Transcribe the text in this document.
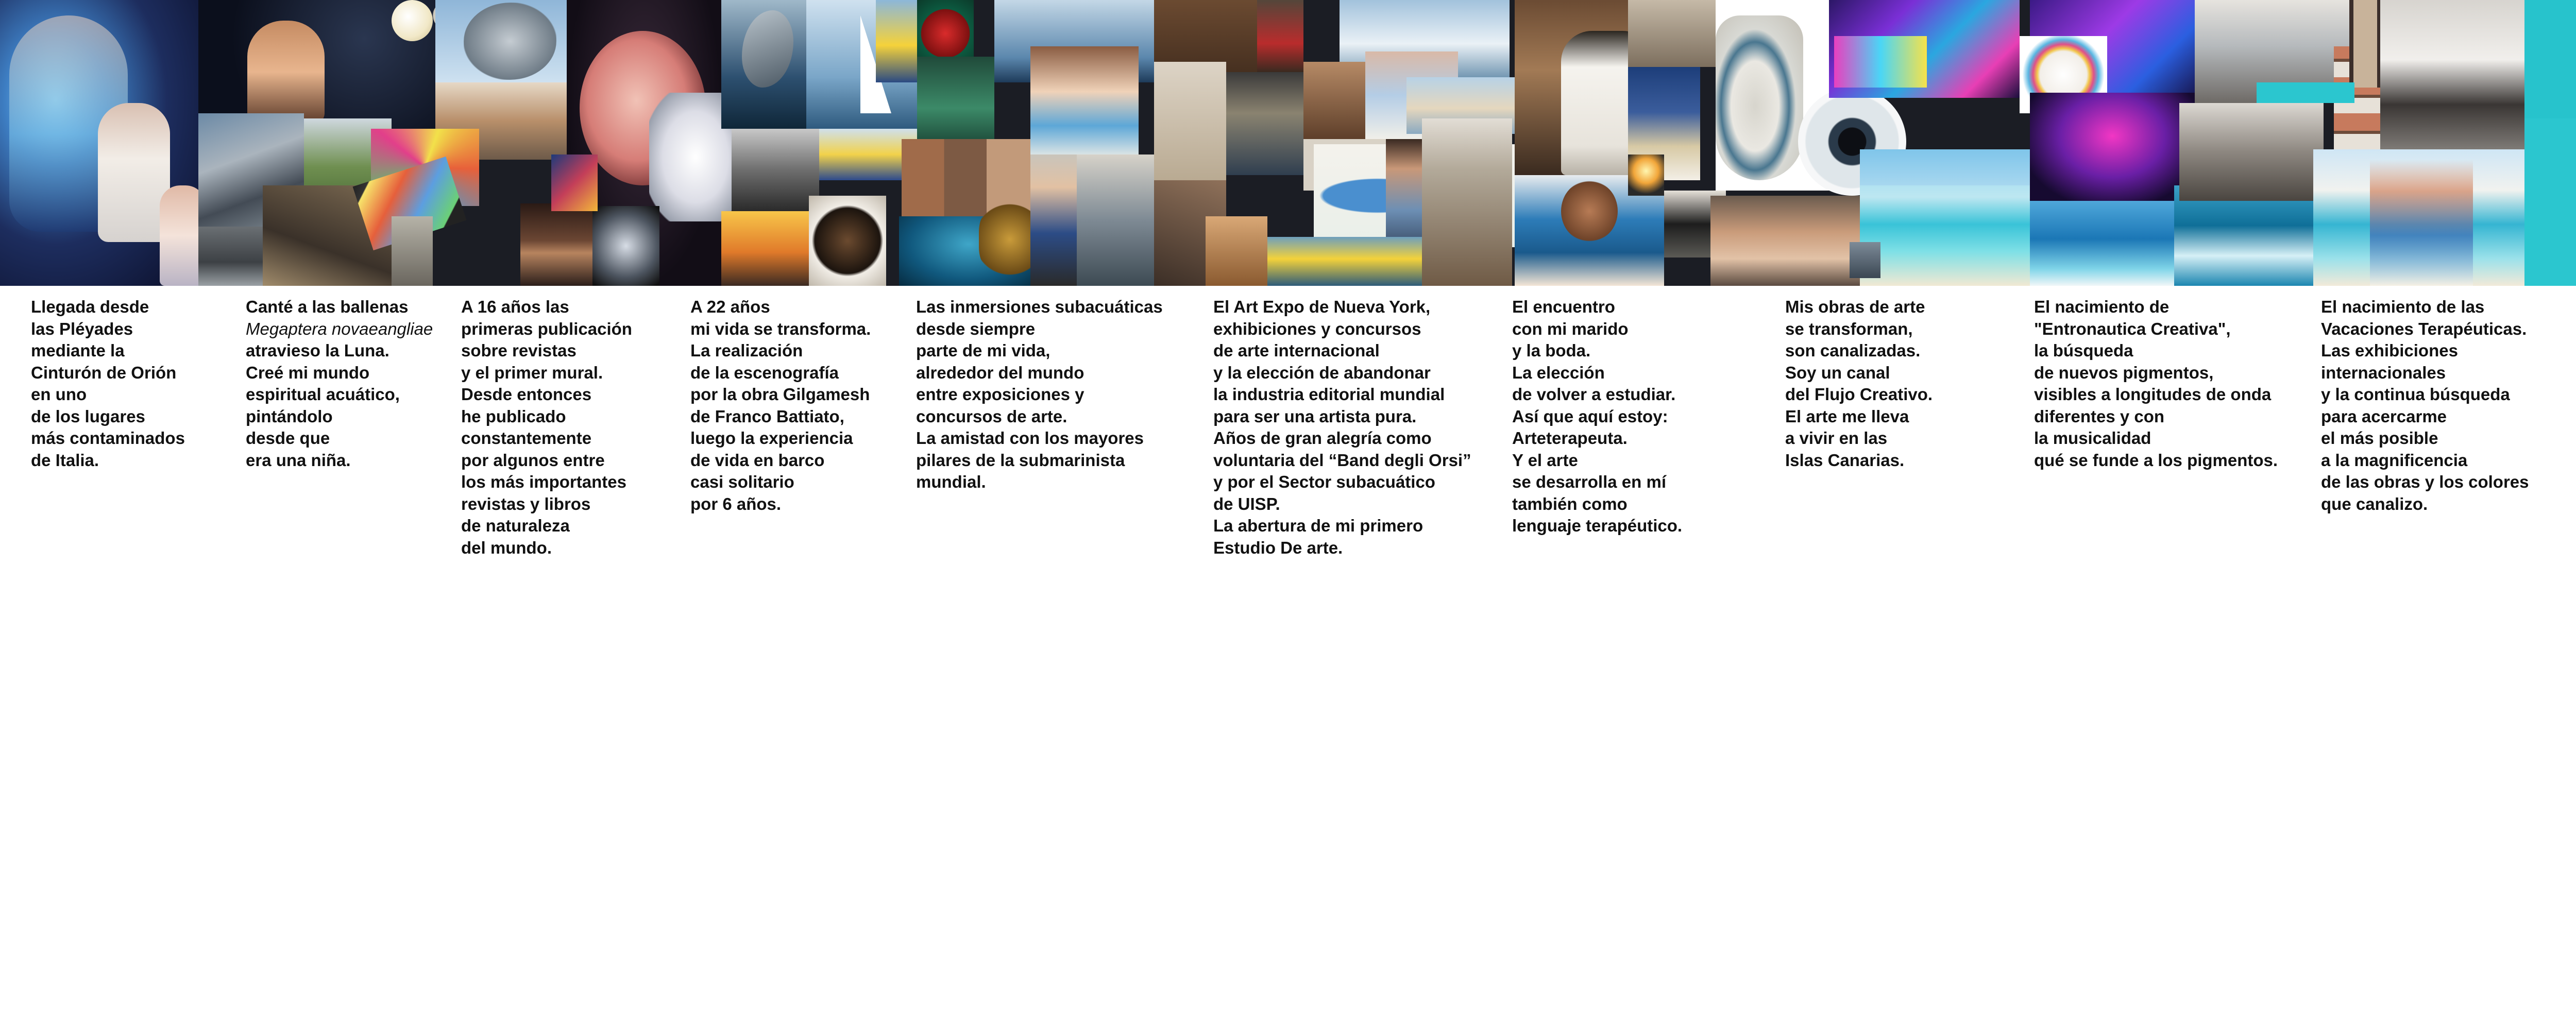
Llegada desde
las Pléyades
mediante la
Cinturón de Orión
en uno
de los lugares
más contaminados
de Italia.
Canté a las ballenas
Megaptera novaeangliae
atravieso la Luna.
Creé mi mundo
espiritual acuático,
pintándolo
desde que
era una niña.
A 16 años las
primeras publicación
sobre revistas
y el primer mural.
Desde entonces
he publicado
constantemente
por algunos entre
los más importantes
revistas y libros
de naturaleza
del mundo.
A 22 años
mi vida se transforma.
La realización
de la escenografía
por la obra Gilgamesh
de Franco Battiato,
luego la experiencia
de vida en barco
casi solitario
por 6 años.
Las inmersiones subacuáticas
desde siempre
parte de mi vida,
alrededor del mundo
entre exposiciones y
concursos de arte.
La amistad con los mayores
pilares de la submarinista
mundial.
El Art Expo de Nueva York,
exhibiciones y concursos
de arte internacional
y la elección de abandonar
la industria editorial mundial
para ser una artista pura.
Años de gran alegría como
voluntaria del “Band degli Orsi”
y por el Sector subacuático
de UISP.
La abertura de mi primero
Estudio De arte.
El encuentro
con mi marido
y la boda.
La elección
de volver a estudiar.
Así que aquí estoy:
Arteterapeuta.
Y el arte
se desarrolla en mí
también como
lenguaje terapéutico.
Mis obras de arte
se transforman,
son canalizadas.
Soy un canal
del Flujo Creativo.
El arte me lleva
a vivir en las
Islas Canarias.
El nacimiento de
"Entronautica Creativa",
la búsqueda
de nuevos pigmentos,
visibles a longitudes de onda
diferentes y con
la musicalidad
qué se funde a los pigmentos.
El nacimiento de las
Vacaciones Terapéuticas.
Las exhibiciones
internacionales
y la continua búsqueda
para acercarme
el más posible
a la magnificencia
de las obras y los colores
que canalizo.
